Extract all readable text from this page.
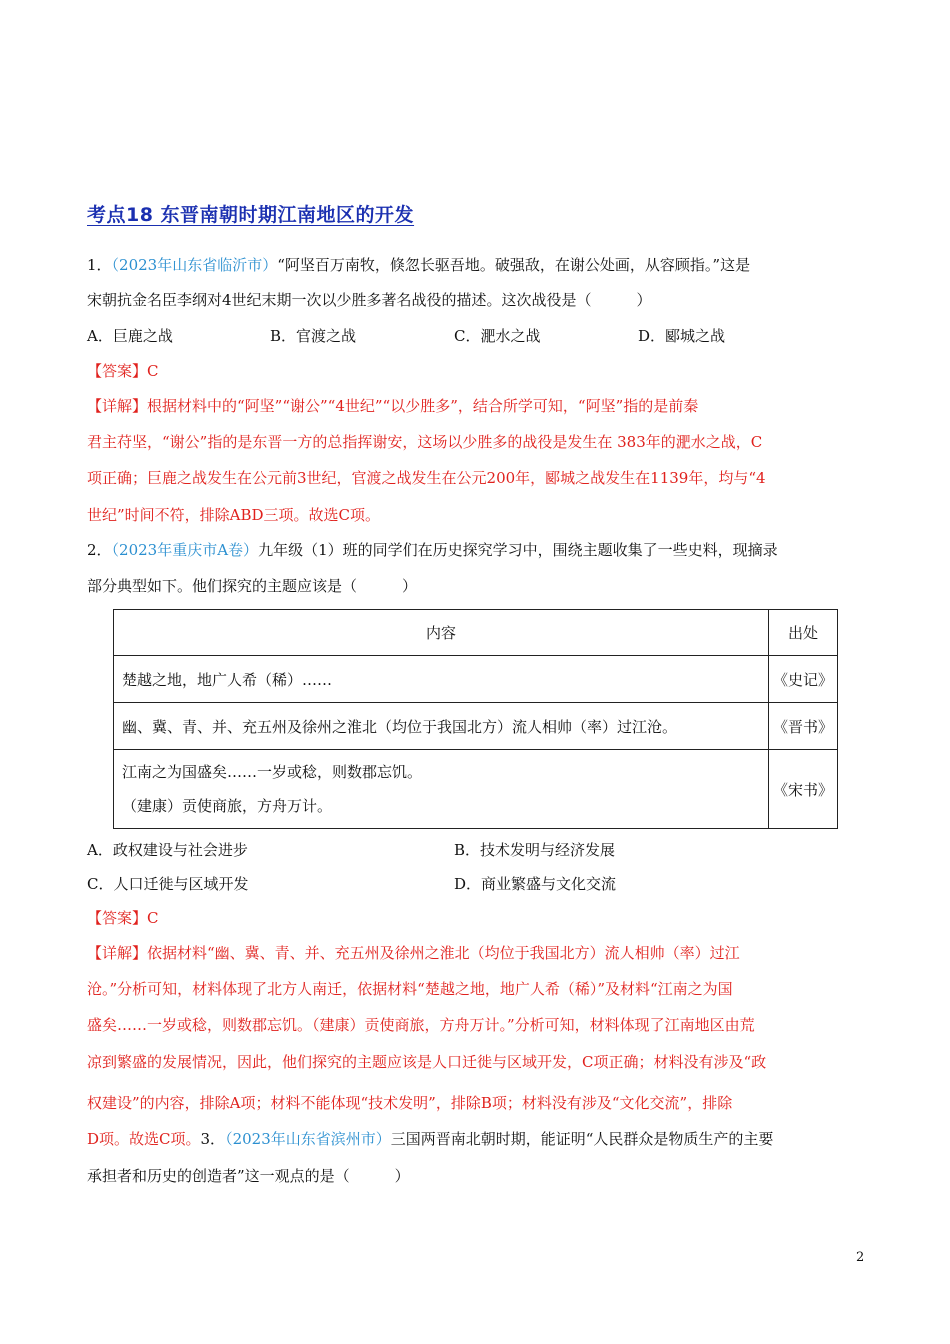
考点18 东晋南朝时期江南地区的开发
1．（2023年山东省临沂市）“阿坚百万南牧，倏忽长驱吾地。破强敌，在谢公处画，从容顾指。”这是
宋朝抗金名臣李纲对4世纪末期一次以少胜多著名战役的描述。这次战役是（　　　）
A．巨鹿之战	B．官渡之战	C．淝水之战	D．郾城之战
【答案】C
【详解】根据材料中的“阿坚”“谢公”“4世纪”“以少胜多”，结合所学可知，“阿坚”指的是前秦
君主苻坚，“谢公”指的是东晋一方的总指挥谢安，这场以少胜多的战役是发生在 383年的淝水之战，C
项正确；巨鹿之战发生在公元前3世纪，官渡之战发生在公元200年，郾城之战发生在1139年，均与“4
世纪”时间不符，排除ABD三项。故选C项。
2．（2023年重庆市A卷）九年级（1）班的同学们在历史探究学习中，围绕主题收集了一些史料，现摘录
部分典型如下。他们探究的主题应该是（　　　）
内容	出处
楚越之地，地广人希（稀）……	《史记》
幽、冀、青、并、充五州及徐州之淮北（均位于我国北方）流人相帅（率）过江沧。	《晋书》

江南之为国盛矣……一岁或稔，则数郡忘饥。
（建康）贡使商旅，方舟万计。	《宋书》
A．政权建设与社会进步	B．技术发明与经济发展
C．人口迁徙与区域开发	D．商业繁盛与文化交流
【答案】C
【详解】依据材料“幽、冀、青、并、充五州及徐州之淮北（均位于我国北方）流人相帅（率）过江
沧。”分析可知，材料体现了北方人南迁，依据材料“楚越之地，地广人希（稀）”及材料“江南之为国
盛矣……一岁或稔，则数郡忘饥。（建康）贡使商旅，方舟万计。”分析可知，材料体现了江南地区由荒
凉到繁盛的发展情况，因此，他们探究的主题应该是人口迁徙与区域开发，C项正确；材料没有涉及“政
权建设”的内容，排除A项；材料不能体现“技术发明”，排除B项；材料没有涉及“文化交流”，排除
D项。故选C项。3．（2023年山东省滨州市）三国两晋南北朝时期，能证明“人民群众是物质生产的主要
承担者和历史的创造者”这一观点的是（　　　）
2
